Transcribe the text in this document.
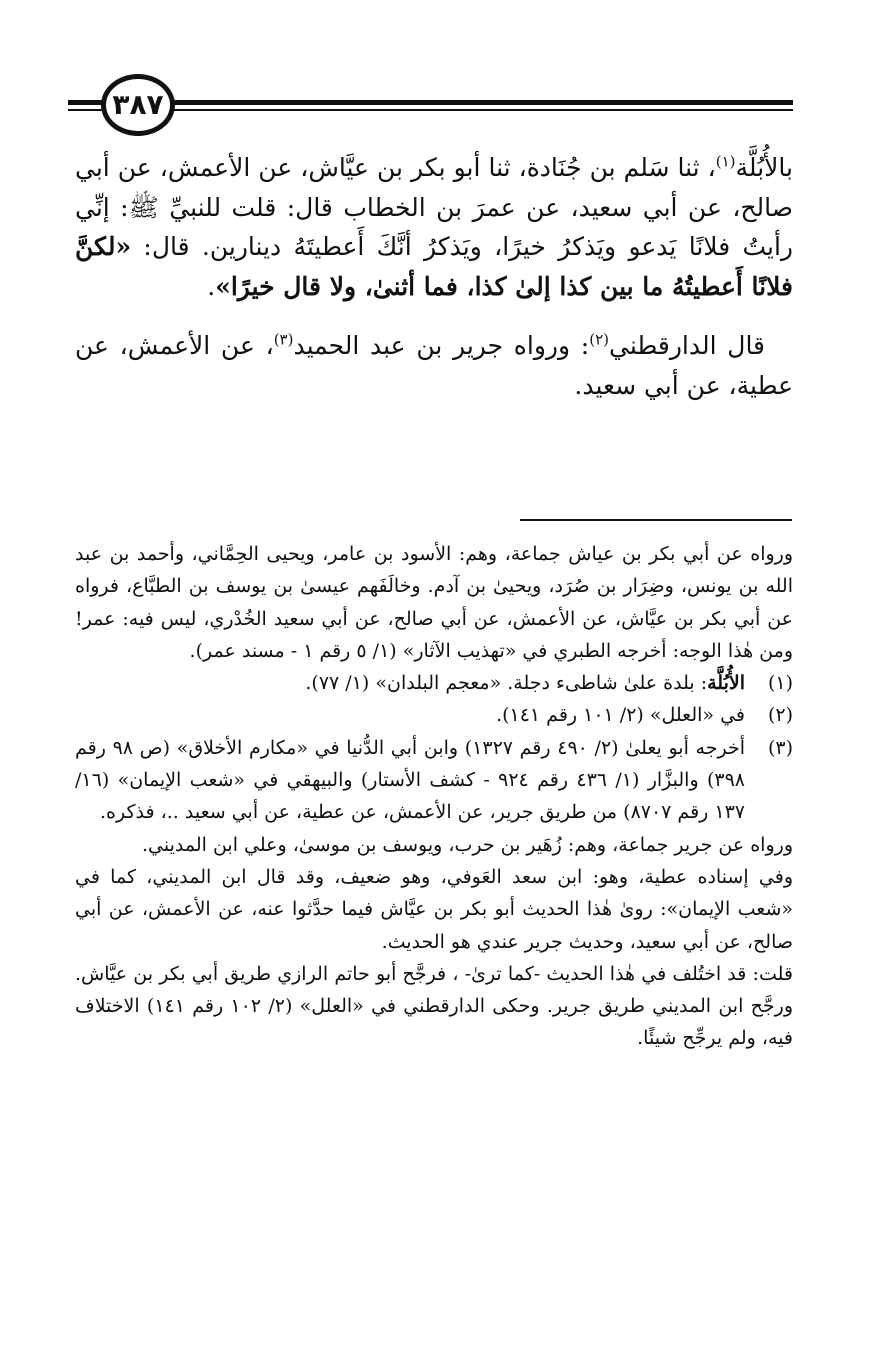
٣٨٧

بالأُبُلَّة$^{(١)}$، ثنا سَلم بن جُنَادة، ثنا أبو بكر بن عيَّاش، عن الأعمش، عن أبي صالح، عن أبي سعيد، عن عمرَ بن الخطاب قال: قلت للنبيِّ ﷺ: إنِّي رأيتُ فلانًا يَدعو ويَذكرُ خيرًا، ويَذكرُ أنَّكَ أَعطيتَهُ دينارين. قال: «لكنَّ فلانًا أَعطيتُهُ ما بين كذا إلىٰ كذا، فما أثنىٰ، ولا قال خيرًا».

قال الدارقطني$^{(٢)}$: ورواه جرير بن عبد الحميد$^{(٣)}$، عن الأعمش، عن عطية، عن أبي سعيد.

ورواه عن أبي بكر بن عياش جماعة، وهم: الأسود بن عامر، ويحيى الحِمَّاني، وأحمد بن عبد الله بن يونس، وضِرَار بن صُرَد، ويحيىٰ بن آدم. وخالَفَهم عيسىٰ بن يوسف بن الطبَّاع، فرواه عن أبي بكر بن عيَّاش، عن الأعمش، عن أبي صالح، عن أبي سعيد الخُدْري، ليس فيه: عمر! ومن هٰذا الوجه: أخرجه الطبري في «تهذيب الآثار» (١/ ٥ رقم ١ - مسند عمر).

(١)
الأُبُلَّة: بلدة علىٰ شاطىء دجلة. «معجم البلدان» (١/ ٧٧).
(٢)
في «العلل» (٢/ ١٠١ رقم ١٤١).
(٣)
أخرجه أبو يعلىٰ (٢/ ٤٩٠ رقم ١٣٢٧) وابن أبي الدُّنيا في «مكارم الأخلاق» (ص ٩٨ رقم ٣٩٨) والبزَّار (١/ ٤٣٦ رقم ٩٢٤ - كشف الأستار) والبيهقي في «شعب الإيمان» (١٦/ ١٣٧ رقم ٨٧٠٧) من طريق جرير، عن الأعمش، عن عطية، عن أبي سعيد ..، فذكره.

ورواه عن جرير جماعة، وهم: زُهَير بن حرب، ويوسف بن موسىٰ، وعلي ابن المديني.

وفي إسناده عطية، وهو: ابن سعد العَوفي، وهو ضعيف، وقد قال ابن المديني، كما في «شعب الإيمان»: روىٰ هٰذا الحديث أبو بكر بن عيَّاش فيما حدَّثوا عنه، عن الأعمش، عن أبي صالح، عن أبي سعيد، وحديث جرير عندي هو الحديث.

قلت: قد اختُلف في هٰذا الحديث -كما ترىٰ- ، فرجَّح أبو حاتم الرازي طريق أبي بكر بن عيَّاش. ورجَّح ابن المديني طريق جرير. وحكى الدارقطني في «العلل» (٢/ ١٠٢ رقم ١٤١) الاختلاف فيه، ولم يرجِّح شيئًا.
